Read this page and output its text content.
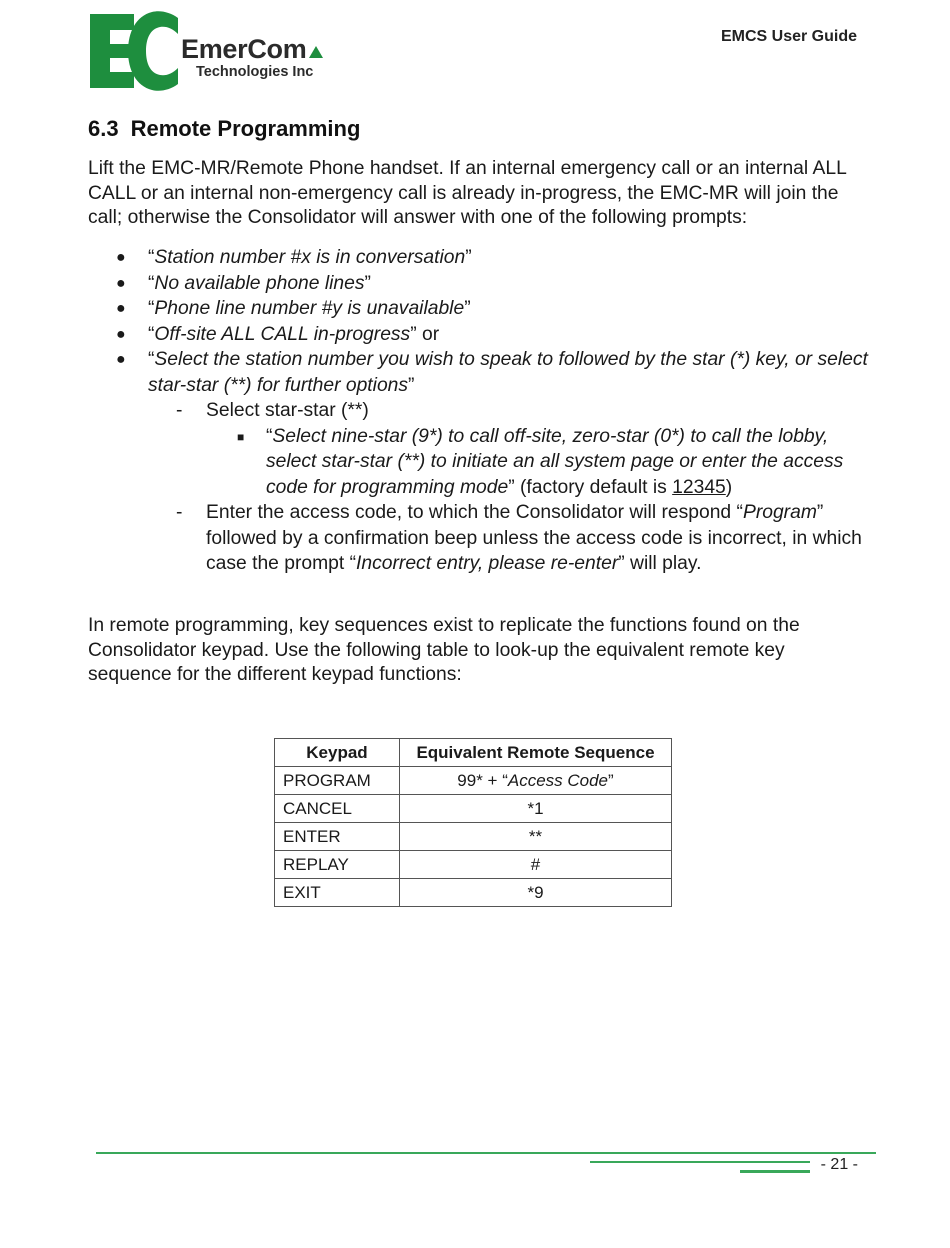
EmerCom
Technologies Inc
EMCS User Guide
6.3 Remote Programming
Lift the EMC-MR/Remote Phone handset. If an internal emergency call or an internal ALL CALL or an internal non-emergency call is already in-progress, the EMC-MR will join the call; otherwise the Consolidator will answer with one of the following prompts:

● “Station number #x is in conversation”

● “No available phone lines”

● “Phone line number #y is unavailable”

● “Off-site ALL CALL in-progress” or

● “Select the station number you wish to speak to followed by the star (*) key, or select star-star (**) for further options”

- Select star-star (**)

■ “Select nine-star (9*) to call off-site, zero-star (0*) to call the lobby, select star-star (**) to initiate an all system page or enter the access code for programming mode” (factory default is 12345)

- Enter the access code, to which the Consolidator will respond “Program” followed by a confirmation beep unless the access code is incorrect, in which case the prompt “Incorrect entry, please re-enter” will play.

In remote programming, key sequences exist to replicate the functions found on the Consolidator keypad. Use the following table to look-up the equivalent remote key sequence for the different keypad functions:
Keypad	Equivalent Remote Sequence
PROGRAM	99* + “Access Code”
CANCEL	*1
ENTER	**
REPLAY	#
EXIT	*9
- 21 -
